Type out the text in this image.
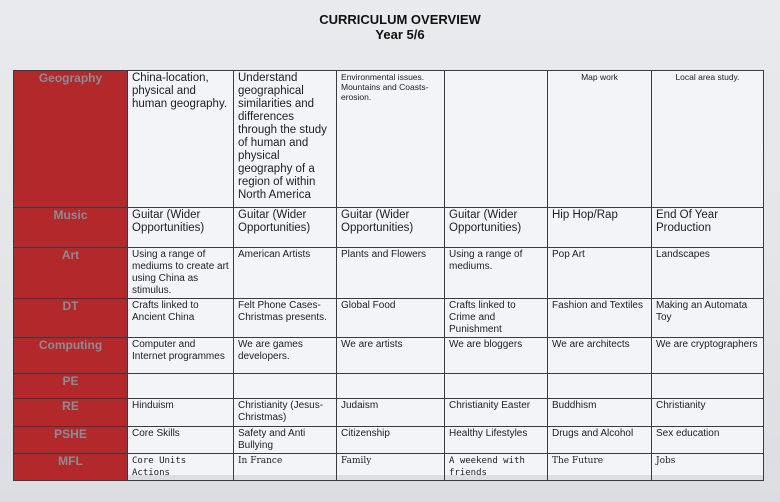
CURRICULUM OVERVIEW
Year 5/6
Geography	China-location, physical and human geography.	Understand geographical similarities and differences through the study of human and physical geography of a region of within North America	Environmental issues. Mountains and Coasts-erosion.		Map work	Local area study.
Music	Guitar (Wider Opportunities)	Guitar (Wider Opportunities)	Guitar (Wider Opportunities)	Guitar (Wider Opportunities)	Hip Hop/Rap	End Of Year Production
Art	Using a range of mediums to create art using China as stimulus.	American Artists	Plants and Flowers	Using a range of mediums.	Pop Art	Landscapes
DT	Crafts linked to Ancient China	Felt Phone Cases- Christmas presents.	Global Food	Crafts linked to Crime and Punishment	Fashion and Textiles	Making an Automata Toy
Computing	Computer and Internet programmes	We are games developers.	We are artists	We are bloggers	We are architects	We are cryptographers
PE						
RE	Hinduism	Christianity (Jesus-Christmas)	Judaism	Christianity Easter	Buddhism	Christianity
PSHE	Core Skills	Safety and Anti Bullying	Citizenship	Healthy Lifestyles	Drugs and Alcohol	Sex education
MFL	Core Units Actions	In France	Family	A weekend with friends	The Future	Jobs
